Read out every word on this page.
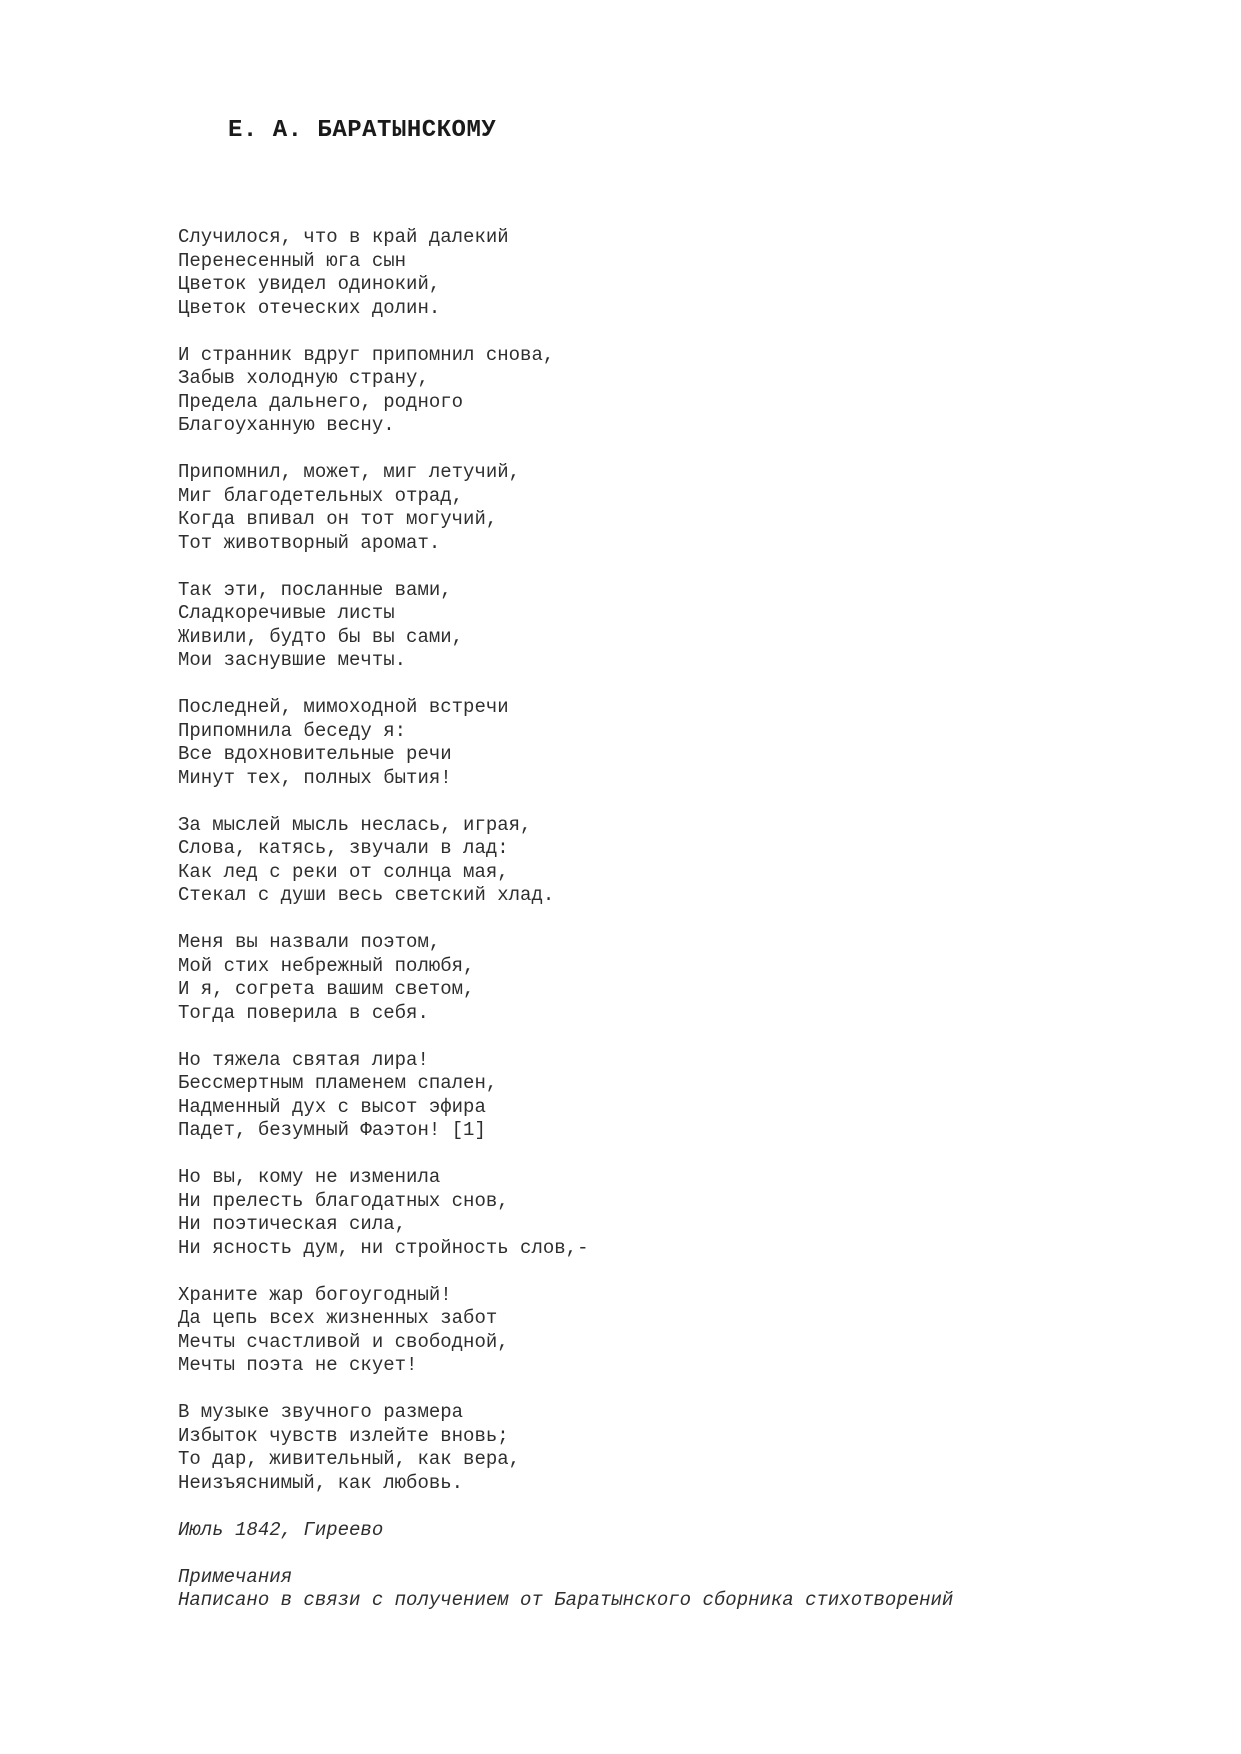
Е. А. БАРАТЫНСКОМУ
Случилося, что в край далекий
Перенесенный юга сын
Цветок увидел одинокий,
Цветок отеческих долин.
И странник вдруг припомнил снова,
Забыв холодную страну,
Предела дальнего, родного
Благоуханную весну.
Припомнил, может, миг летучий,
Миг благодетельных отрад,
Когда впивал он тот могучий,
Тот животворный аромат.
Так эти, посланные вами,
Сладкоречивые листы
Живили, будто бы вы сами,
Мои заснувшие мечты.
Последней, мимоходной встречи
Припомнила беседу я:
Все вдохновительные речи
Минут тех, полных бытия!
За мыслей мысль неслась, играя,
Слова, катясь, звучали в лад:
Как лед с реки от солнца мая,
Стекал с души весь светский хлад.
Меня вы назвали поэтом,
Мой стих небрежный полюбя,
И я, согрета вашим светом,
Тогда поверила в себя.
Но тяжела святая лира!
Бессмертным пламенем спален,
Надменный дух с высот эфира
Падет, безумный Фаэтон! [1]
Но вы, кому не изменила
Ни прелесть благодатных снов,
Ни поэтическая сила,
Ни ясность дум, ни стройность слов,-
Храните жар богоугодный!
Да цепь всех жизненных забот
Мечты счастливой и свободной,
Мечты поэта не скует!
В музыке звучного размера
Избыток чувств излейте вновь;
То дар, живительный, как вера,
Неизъяснимый, как любовь.
Июль 1842, Гиреево
Примечания
Написано в связи с получением от Баратынского сборника стихотворений
